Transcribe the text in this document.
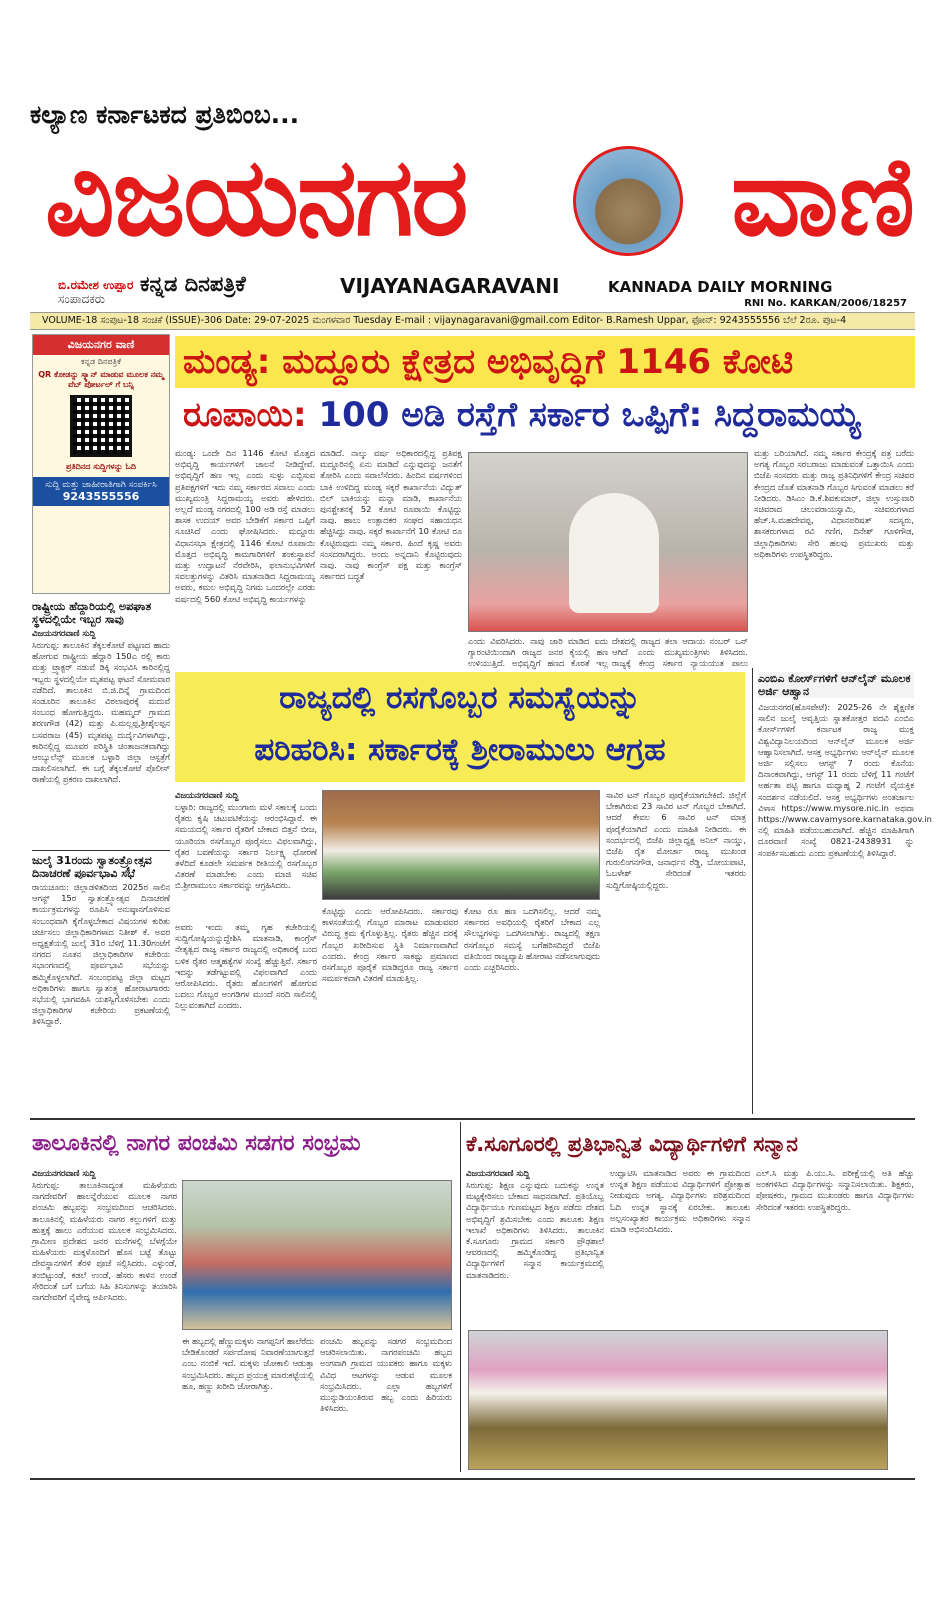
ಕಲ್ಯಾಣ ಕರ್ನಾಟಕದ ಪ್ರತಿಬಿಂಬ...
ವಿಜಯನಗರ ವಾಣಿ
ಬಿ.ರಮೇಶ ಉಪ್ಪಾರ
ಸಂಪಾದಕರು
ಕನ್ನಡ ದಿನಪತ್ರಿಕೆ	VIJAYANAGARAVANI	KANNADA DAILY MORNING
RNI No. KARKAN/2006/18257
VOLUME-18 ಸಂಪುಟ-18 ಸಂಚಿಕೆ (ISSUE)-306 Date: 29-07-2025 ಮಂಗಳವಾರ Tuesday E-mail : vijaynagaravani@gmail.com Editor- B.Ramesh Uppar, ಫೋನ್: 9243555556 ಬೆಲೆ 2ರೂ. ಪುಟ-4
ವಿಜಯನಗರ ವಾಣಿ
ಕನ್ನಡ ದಿನಪತ್ರಿಕೆ
QR ಕೋಡನ್ನು ಸ್ಕ್ಯಾನ್ ಮಾಡುವ ಮೂಲಕ ನಮ್ಮ ವೆಬ್ ಪೋರ್ಟಲ್ ಗೆ ಬನ್ನಿ
ಪ್ರತಿದಿನದ ಸುದ್ದಿಗಳನ್ನು ಓದಿ
ಸುದ್ದಿ ಮತ್ತು ಜಾಹೀರಾತಿಗಾಗಿ ಸಂಪರ್ಕಿಸಿ
9243555556
ಮಂಡ್ಯ: ಮದ್ದೂರು ಕ್ಷೇತ್ರದ ಅಭಿವೃದ್ಧಿಗೆ 1146 ಕೋಟಿ
ರೂಪಾಯಿ: 100 ಅಡಿ ರಸ್ತೆಗೆ ಸರ್ಕಾರ ಒಪ್ಪಿಗೆ: ಸಿದ್ದರಾಮಯ್ಯ
ಮಂಡ್ಯ: ಒಂದೇ ದಿನ 1146 ಕೋಟಿ ಮೊತ್ತದ ಅಭಿವೃದ್ಧಿ ಕಾರ್ಯಗಳಿಗೆ ಚಾಲನೆ ನೀಡಿದ್ದೇವೆ. ಅಭಿವೃದ್ಧಿಗೆ ಹಣ ಇಲ್ಲ ಎಂದು ಸುಳ್ಳು ಎಬ್ಬಿಸುವ ಪ್ರತಿಪಕ್ಷಗಳಿಗೆ ಇದು ನಮ್ಮ ಸರ್ಕಾರದ ಸವಾಲು ಎಂದು ಮುಖ್ಯಮಂತ್ರಿ ಸಿದ್ದರಾಮಯ್ಯ ಅವರು ಹೇಳಿದರು. ಅಲ್ಲದೆ ಮಂಡ್ಯ ನಗರದಲ್ಲಿ 100 ಅಡಿ ರಸ್ತೆ ಮಾಡಲು ಶಾಸಕ ಉದಯ್ ಅವರ ಬೇಡಿಕೆಗೆ ಸರ್ಕಾರ ಒಪ್ಪಿಗೆ ಸೂಚಿಸಿದೆ ಎಂದು ಘೋಷಿಸಿದರು. ಮದ್ದೂರು ವಿಧಾನಸಭಾ ಕ್ಷೇತ್ರದಲ್ಲಿ 1146 ಕೋಟಿ ರೂಪಾಯಿ ಮೊತ್ತದ ಅಭಿವೃದ್ಧಿ ಕಾಮಗಾರಿಗಳಿಗೆ ಶಂಕುಸ್ಥಾಪನೆ ಮತ್ತು ಉದ್ಘಾಟನೆ ನೆರವೇರಿಸಿ, ಫಲಾನುಭವಿಗಳಿಗೆ ಸವಲತ್ತುಗಳನ್ನು ವಿತರಿಸಿ ಮಾತನಾಡಿದ ಸಿದ್ದರಾಮಯ್ಯ ಅವರು, ಕಮಲ ಅಭಿವೃದ್ಧಿ ನಿಗಮ ಒಂದರಲ್ಲೇ ಎರಡು ವರ್ಷದಲ್ಲಿ 560 ಕೋಟಿ ಅಭಿವೃದ್ಧಿ ಕಾರ್ಯಗಳನ್ನು
ಮಾಡಿದೆ. ನಾಲ್ಕು ವರ್ಷ ಅಧಿಕಾರದಲ್ಲಿದ್ದ ಪ್ರತಿಪಕ್ಷ ಮದ್ದೂರಿನಲ್ಲಿ ಏನು ಮಾಡಿದೆ ಎನ್ನುವುದನ್ನು ಜನತೆಗೆ ತೋರಿಸಿ ಎಂದು ಸವಾಲೆಸೆದರು. ಹಿಂದಿನ ವರ್ಷಗಳಿಂದ ಬಾಕಿ ಉಳಿದಿದ್ದ ಮಂಡ್ಯ ಸಕ್ಕರೆ ಕಾರ್ಖಾನೆಯ ವಿದ್ಯುತ್ ಬಿಲ್ ಬಾಕಿಯನ್ನು ಮನ್ನಾ ಮಾಡಿ, ಕಾರ್ಖಾನೆಯ ಪುನಶ್ಚೇತನಕ್ಕೆ 52 ಕೋಟಿ ರೂಪಾಯಿ ಕೊಟ್ಟಿದ್ದು ನಾವು. ಹಾಲು ಉತ್ಪಾದಕರ ಸಂಘದ ಸಹಾಯಧನ ಹೆಚ್ಚಿಸಿದ್ದು ನಾವು. ಸಕ್ಕರೆ ಕಾರ್ಖಾನೆಗೆ 10 ಕೋಟಿ ರೂ ಕೊಟ್ಟಿರುವುದು ನಮ್ಮ ಸರ್ಕಾರ. ಹಿಂದೆ ಕೃಷ್ಣ ಅವರು ಸಂಸದರಾಗಿದ್ದರು. ಅಂದು ಅನ್ನದಾನಿ ಕೊಟ್ಟಿರುವುದು ನಾವು. ನಾವು ಕಾಂಗ್ರೆಸ್ ಪಕ್ಷ ಮತ್ತು ಕಾಂಗ್ರೆಸ್ ಸರ್ಕಾರದ ಬದ್ಧತೆ
ಎಂದು ವಿವರಿಸಿದರು. ನಾವು ಜಾರಿ ಮಾಡಿದ ಐದು ಗ್ಯಾರಂಟಿಯಿಂದಾಗಿ ರಾಜ್ಯದ ಜನರ ಕೈಯಲ್ಲಿ ಹಣ ಉಳಿಯುತ್ತಿದೆ. ಅಭಿವೃದ್ಧಿಗೆ ಹಣದ ಕೊರತೆ ಇಲ್ಲ
ದೇಶದಲ್ಲಿ ರಾಜ್ಯದ ತಲಾ ಆದಾಯ ನಂಬರ್ ಒನ್ ಆಗಿದೆ ಎಂದು ಮುಖ್ಯಮಂತ್ರಿಗಳು ತಿಳಿಸಿದರು. ರಾಜ್ಯಕ್ಕೆ ಕೇಂದ್ರ ಸರ್ಕಾರ ನ್ಯಾಯಯುತ ಪಾಲು
ಮತ್ತು ಬರಿಯಾಗಿದೆ. ನಮ್ಮ ಸರ್ಕಾರ ಕೇಂದ್ರಕ್ಕೆ ಪತ್ರ ಬರೆದು ಅಗತ್ಯ ಗೊಬ್ಬರ ಸರಬರಾಜು ಮಾಡುವಂತೆ ಒತ್ತಾಯಿಸಿ ಎಂದು ಬಿಜೆಪಿ ಸಂಸದರು ಮತ್ತು ರಾಜ್ಯ ಪ್ರತಿನಿಧಿಗಳಿಗೆ ಕೇಂದ್ರ ಸಚಿವರ ಕೇಂದ್ರದ ಜೊತೆ ಮಾತನಾಡಿ ಗೊಬ್ಬರ ಸಿಗುವಂತೆ ಮಾಡಲು ಕರೆ ನೀಡಿದರು. ಡಿಸಿಎಂ ಡಿ.ಕೆ.ಶಿವಕುಮಾರ್, ಜಿಲ್ಲಾ ಉಸ್ತುವಾರಿ ಸಚಿವರಾದ ಚಲುವರಾಯಸ್ವಾಮಿ, ಸಚಿವರುಗಳಾದ ಹೆಚ್.ಸಿ.ಮಹದೇವಪ್ಪ, ವಿಧಾನಪರಿಷತ್ ಸದಸ್ಯರು, ಶಾಸಕರುಗಳಾದ ರವಿ ಗಣಿಗ, ದಿನೇಶ್ ಗೂಳಿಗೌಡ, ಜಿಲ್ಲಾಧಿಕಾರಿಗಳು ಸೇರಿ ಹಲವು ಪ್ರಮುಖರು ಮತ್ತು ಅಧಿಕಾರಿಗಳು ಉಪಸ್ಥಿತರಿದ್ದರು.
ರಾಷ್ಟ್ರೀಯ ಹೆದ್ದಾರಿಯಲ್ಲಿ ಅಪಘಾತ ಸ್ಥಳದಲ್ಲಿಯೇ ಇಬ್ಬರ ಸಾವು
ವಿಜಯನಗರವಾಣಿ ಸುದ್ದಿ
ಸಿರುಗುಪ್ಪ: ತಾಲೂಕಿನ ತೆಕ್ಕಲಕೋಟೆ ಪಟ್ಟಣದ ಹಾದು ಹೋಗುವ ರಾಷ್ಟ್ರೀಯ ಹೆದ್ದಾರಿ 150ಎ ರಲ್ಲಿ ಕಾರು ಮತ್ತು ಟ್ರ್ಯಾಕ್ಟರ್ ನಡುವೆ ಡಿಕ್ಕಿ ಸಂಭವಿಸಿ ಕಾರಿನಲ್ಲಿದ್ದ ಇಬ್ಬರು ಸ್ಥಳದಲ್ಲಿಯೇ ಮೃತಪಟ್ಟ ಘಟನೆ ಸೋಮವಾರ ನಡೆದಿದೆ. ತಾಲೂಕಿನ ಬಿ.ಜಿ.ದಿನ್ನೆ ಗ್ರಾಮದಿಂದ ಸಂಡೂರಿನ ತಾಲೂಕಿನ ವಿಠಲಾಪುರಕ್ಕೆ ಮದುವೆ ಸಂಬಂಧ ಹೋಗುತ್ತಿದ್ದರು. ಮಹಮ್ಮದ್ ಗ್ರಾಮದ ಶರಣಗೌಡ (42) ಮತ್ತು ಪಿ.ಮಲ್ಲಪ್ಪ,ಶ್ರೀಶೈಲಪ್ಪನ ಬಸವರಾಜ (45) ಮೃತಪಟ್ಟ ದುರ್ದೈವಿಗಳಾಗಿದ್ದು, ಕಾರಿನಲ್ಲಿದ್ದ ಮೂವರ ಪರಿಸ್ಥಿತಿ ಚಿಂತಾಜನಕವಾಗಿದ್ದು ಆಂಬ್ಯುಲೆನ್ಸ್ ಮೂಲಕ ಬಳ್ಳಾರಿ ಜಿಲ್ಲಾ ಆಸ್ಪತ್ರೆಗೆ ದಾಖಲಿಸಲಾಗಿದೆ. ಈ ಬಗ್ಗೆ ತೆಕ್ಕಲಕೋಟೆ ಪೊಲೀಸ್ ಠಾಣೆಯಲ್ಲಿ ಪ್ರಕರಣ ದಾಖಲಾಗಿದೆ.
ಜುಲೈ 31ರಂದು ಸ್ವಾತಂತ್ರ್ಯೋತ್ಸವ ದಿನಾಚರಣೆ ಪೂರ್ವಭಾವಿ ಸಭೆ
ರಾಯಚೂರು: ಜಿಲ್ಲಾಡಳಿತದಿಂದ 2025ರ ಸಾಲಿನ ಆಗಸ್ಟ್ 15ರ ಸ್ವಾತಂತ್ರ್ಯೋತ್ಸವ ದಿನಾಚರಣೆ ಕಾರ್ಯಕ್ರಮಗಳನ್ನು ರೂಪಿಸಿ ಅನುಷ್ಠಾನಗೊಳಿಸುವ ಸಂಬಂಧವಾಗಿ ಕೈಗೊಳ್ಳಬೇಕಾದ ವಿಷಯಗಳ ಕುರಿತು ಚರ್ಚಿಸಲು ಜಿಲ್ಲಾಧಿಕಾರಿಗಳಾದ ನಿತೀಶ್ ಕೆ. ಅವರ ಅಧ್ಯಕ್ಷತೆಯಲ್ಲಿ ಜುಲೈ 31ರ ಬೆಳಿಗ್ಗೆ 11.30ಗಂಟೆಗೆ ನಗರದ ನೂತನ ಜಿಲ್ಲಾಧಿಕಾರಿಗಳ ಕಚೇರಿಯ ಸಭಾಂಗಣದಲ್ಲಿ ಪೂರ್ವಭಾವಿ ಸಭೆಯನ್ನು ಹಮ್ಮಿಕೊಳ್ಳಲಾಗಿದೆ. ಸಂಬಂಧಪಟ್ಟ ಜಿಲ್ಲಾ ಮಟ್ಟದ ಅಧಿಕಾರಿಗಳು ಹಾಗೂ ಸ್ವಾತಂತ್ರ್ಯ ಹೋರಾಟಗಾರರು ಸಭೆಯಲ್ಲಿ ಭಾಗವಹಿಸಿ ಯಶಸ್ವಿಗೊಳಿಸಬೇಕು ಎಂದು ಜಿಲ್ಲಾಧಿಕಾರಿಗಳ ಕಚೇರಿಯ ಪ್ರಕಟಣೆಯಲ್ಲಿ ತಿಳಿಸಿದ್ದಾರೆ.
ರಾಜ್ಯದಲ್ಲಿ ರಸಗೊಬ್ಬರ ಸಮಸ್ಯೆಯನ್ನು
ಪರಿಹರಿಸಿ: ಸರ್ಕಾರಕ್ಕೆ ಶ್ರೀರಾಮುಲು ಆಗ್ರಹ
ವಿಜಯನಗರವಾಣಿ ಸುದ್ದಿ
ಬಳ್ಳಾರಿ: ರಾಜ್ಯದಲ್ಲಿ ಮುಂಗಾರು ಮಳೆ ಸಕಾಲಕ್ಕೆ ಬಂದು ರೈತರು ಕೃಷಿ ಚಟುವಟಿಕೆಯನ್ನು ಆರಂಭಿಸಿದ್ದಾರೆ. ಈ ಸಮಯದಲ್ಲಿ ಸರ್ಕಾರ ರೈತರಿಗೆ ಬೇಕಾದ ಬಿತ್ತನೆ ಬೀಜ, ಯೂರಿಯಾ ರಸಗೊಬ್ಬರ ಪೂರೈಸಲು ವಿಫಲವಾಗಿದ್ದು, ರೈತರ ಬವಣೆಯನ್ನು ಸರ್ಕಾರ ನಿರ್ಲಕ್ಷ್ಯ ಧೋರಣೆ ತಳೆದಿದೆ ಕೂಡಲೇ ಸಮರ್ಪಕ ರೀತಿಯಲ್ಲಿ ರಸಗೊಬ್ಬರ ವಿತರಣೆ ಮಾಡಬೇಕು ಎಂದು ಮಾಜಿ ಸಚಿವ ಬಿ.ಶ್ರೀರಾಮುಲು ಸರ್ಕಾರವನ್ನು ಆಗ್ರಹಿಸಿದರು.
ಅವರು ಇಂದು ತಮ್ಮ ಗೃಹ ಕಚೇರಿಯಲ್ಲಿ ಸುದ್ದಿಗೋಷ್ಠಿಯನ್ನುದ್ದೇಶಿಸಿ ಮಾತನಾಡಿ, ಕಾಂಗ್ರೆಸ್ ನೇತೃತ್ವದ ರಾಜ್ಯ ಸರ್ಕಾರ ರಾಜ್ಯದಲ್ಲಿ ಅಧಿಕಾರಕ್ಕೆ ಬಂದ ಬಳಿಕ ರೈತರ ಆತ್ಮಹತ್ಯೆಗಳ ಸಂಖ್ಯೆ ಹೆಚ್ಚುತ್ತಿವೆ. ಸರ್ಕಾರ ಇದನ್ನು ತಡೆಗಟ್ಟುವಲ್ಲಿ ವಿಫಲವಾಗಿದೆ ಎಂದು ಆರೋಪಿಸಿದರು. ರೈತರು ಹೊಲಗಳಿಗೆ ಹೋಗುವ ಬದಲು ಗೊಬ್ಬರ ಅಂಗಡಿಗಳ ಮುಂದೆ ಸರದಿ ಸಾಲಿನಲ್ಲಿ ನಿಲ್ಲುವಂತಾಗಿದೆ ಎಂದರು.
ಕೊಟ್ಟಿದ್ದು ಎಂದು ಆರೋಪಿಸಿದರು. ಸರ್ಕಾರವು ಕಾಳಸಂತೆಯಲ್ಲಿ ಗೊಬ್ಬರ ಮಾರಾಟ ಮಾಡುವವರ ವಿರುದ್ಧ ಕ್ರಮ ಕೈಗೊಳ್ಳುತ್ತಿಲ್ಲ. ರೈತರು ಹೆಚ್ಚಿನ ದರಕ್ಕೆ ಗೊಬ್ಬರ ಖರೀದಿಸುವ ಸ್ಥಿತಿ ನಿರ್ಮಾಣವಾಗಿದೆ ಎಂದರು. ಕೇಂದ್ರ ಸರ್ಕಾರ ಸಾಕಷ್ಟು ಪ್ರಮಾಣದ ರಸಗೊಬ್ಬರ ಪೂರೈಕೆ ಮಾಡಿದ್ದರೂ ರಾಜ್ಯ ಸರ್ಕಾರ ಸಮರ್ಪಕವಾಗಿ ವಿತರಣೆ ಮಾಡುತ್ತಿಲ್ಲ.
ಕೋಟ ರೂ ಹಣ ಒದಗಿಸಲಿಲ್ಲ. ಆದರೆ ನಮ್ಮ ಸರ್ಕಾರದ ಅವಧಿಯಲ್ಲಿ ರೈತರಿಗೆ ಬೇಕಾದ ಎಲ್ಲ ಸೌಲಭ್ಯಗಳನ್ನು ಒದಗಿಸಲಾಗಿತ್ತು. ರಾಜ್ಯದಲ್ಲಿ ತಕ್ಷಣ ರಸಗೊಬ್ಬರ ಸಮಸ್ಯೆ ಬಗೆಹರಿಸದಿದ್ದರೆ ಬಿಜೆಪಿ ವತಿಯಿಂದ ರಾಜ್ಯವ್ಯಾಪಿ ಹೋರಾಟ ನಡೆಸಲಾಗುವುದು ಎಂದು ಎಚ್ಚರಿಸಿದರು.
ಸಾವಿರ ಟನ್ ಗೊಬ್ಬರ ಪೂರೈಕೆಯಾಗಬೇಕಿದೆ. ಜಿಲ್ಲೆಗೆ ಬೇಕಾಗಿರುವ 23 ಸಾವಿರ ಟನ್ ಗೊಬ್ಬರ ಬೇಕಾಗಿದೆ. ಆದರೆ ಕೇವಲ 6 ಸಾವಿರ ಟನ್ ಮಾತ್ರ ಪೂರೈಕೆಯಾಗಿದೆ ಎಂದು ಮಾಹಿತಿ ನೀಡಿದರು. ಈ ಸಂದರ್ಭದಲ್ಲಿ ಬಿಜೆಪಿ ಜಿಲ್ಲಾಧ್ಯಕ್ಷ ಅನಿಲ್ ನಾಯ್ಡು, ಬಿಜೆಪಿ ರೈತ ಮೋರ್ಚಾ ರಾಜ್ಯ ಮುಖಂಡ ಗುರುಲಿಂಗನಗೌಡ, ಜನಾರ್ಧನ ರೆಡ್ಡಿ, ಬೋಯಪಾಟಿ, ಓಬಳೇಶ್ ಸೇರಿದಂತೆ ಇತರರು ಸುದ್ದಿಗೋಷ್ಠಿಯಲ್ಲಿದ್ದರು.
ಎಂಬಿಎ ಕೋರ್ಸ್‌ಗಳಿಗೆ ಆನ್‌ಲೈನ್ ಮೂಲಕ ಅರ್ಜಿ ಆಹ್ವಾನ
ವಿಜಯನಗರ(ಹೊಸಪೇಟೆ): 2025-26 ನೇ ಶೈಕ್ಷಣಿಕ ಸಾಲಿನ ಜುಲೈ ಆವೃತ್ತಿಯ ಸ್ನಾತಕೋತ್ತರ ಪದವಿ ಎಂಬಿಎ ಕೋರ್ಸ್‌ಗಳಿಗೆ ಕರ್ನಾಟಕ ರಾಜ್ಯ ಮುಕ್ತ ವಿಶ್ವವಿದ್ಯಾನಿಲಯದಿಂದ ಆನ್‌ಲೈನ್ ಮೂಲಕ ಅರ್ಜಿ ಆಹ್ವಾನಿಸಲಾಗಿದೆ. ಆಸಕ್ತ ಅಭ್ಯರ್ಥಿಗಳು ಆನ್‌ಲೈನ್ ಮೂಲಕ ಅರ್ಜಿ ಸಲ್ಲಿಸಲು ಆಗಸ್ಟ್ 7 ರಂದು ಕೊನೆಯ ದಿನಾಂಕವಾಗಿದ್ದು, ಆಗಸ್ಟ್ 11 ರಂದು ಬೆಳಿಗ್ಗೆ 11 ಗಂಟೆಗೆ ಅರ್ಹತಾ ಪಟ್ಟಿ ಹಾಗೂ ಮಧ್ಯಾಹ್ನ 2 ಗಂಟೆಗೆ ವೈಯಕ್ತಿಕ ಸಂದರ್ಶನ ನಡೆಯಲಿದೆ. ಆಸಕ್ತ ಅಭ್ಯರ್ಥಿಗಳು ಅಂತರ್ಜಾಲ ವಿಳಾಸ https://www.mysore.nic.in ಅಥವಾ https://www.cavamysore.karnataka.gov.in ನಲ್ಲಿ ಮಾಹಿತಿ ಪಡೆಯಬಹುದಾಗಿದೆ. ಹೆಚ್ಚಿನ ಮಾಹಿತಿಗಾಗಿ ದೂರವಾಣಿ ಸಂಖ್ಯೆ 0821-2438931 ನ್ನು ಸಂಪರ್ಕಿಸಬಹುದು ಎಂದು ಪ್ರಕಟಣೆಯಲ್ಲಿ ತಿಳಿಸಿದ್ದಾರೆ.
ತಾಲೂಕಿನಲ್ಲಿ ನಾಗರ ಪಂಚಮಿ ಸಡಗರ ಸಂಭ್ರಮ
ವಿಜಯನಗರವಾಣಿ ಸುದ್ದಿ
ಸಿರುಗುಪ್ಪ: ತಾಲೂಕಿನಾದ್ಯಂತ ಮಹಿಳೆಯರು ನಾಗದೇವರಿಗೆ ಹಾಲನ್ನೆರೆಯುವ ಮೂಲಕ ನಾಗರ ಪಂಚಮಿ ಹಬ್ಬವನ್ನು ಸಂಭ್ರಮದಿಂದ ಆಚರಿಸಿದರು. ತಾಲೂಕಿನಲ್ಲಿ ಮಹಿಳೆಯರು ನಾಗರ ಕಲ್ಲುಗಳಿಗೆ ಮತ್ತು ಹುತ್ತಕ್ಕೆ ಹಾಲು ಎರೆಯುವ ಮೂಲಕ ಸಂಭ್ರಮಿಸಿದರು. ಗ್ರಾಮೀಣ ಪ್ರದೇಶದ ಜನರ ಮನೆಗಳಲ್ಲಿ ಬೆಳಗ್ಗೆಯೇ ಮಹಿಳೆಯರು ಮಕ್ಕಳೊಂದಿಗೆ ಹೊಸ ಬಟ್ಟೆ ತೊಟ್ಟು ದೇವಸ್ಥಾನಗಳಿಗೆ ತೆರಳಿ ಪೂಜೆ ಸಲ್ಲಿಸಿದರು. ಎಳ್ಳುಂಡೆ, ತಂಬಿಟ್ಟುಂಡೆ, ಕಡಲೆ ಉಂಡೆ, ಹೆಸರು ಕಾಳಿನ ಉಂಡೆ ಸೇರಿದಂತೆ ಬಗೆ ಬಗೆಯ ಸಿಹಿ ತಿನಿಸುಗಳನ್ನು ತಯಾರಿಸಿ ನಾಗದೇವರಿಗೆ ನೈವೇದ್ಯ ಅರ್ಪಿಸಿದರು.
ಈ ಹಬ್ಬದಲ್ಲಿ ಹೆಣ್ಣುಮಕ್ಕಳು ನಾಗಪ್ಪನಿಗೆ ಹಾಲೆರೆದು ಬೇಡಿಕೊಂಡರೆ ಸರ್ಪದೋಷ ನಿವಾರಣೆಯಾಗುತ್ತದೆ ಎಂಬ ನಂಬಿಕೆ ಇದೆ. ಮಕ್ಕಳು ಜೋಕಾಲಿ ಆಡುತ್ತಾ ಸಂಭ್ರಮಿಸಿದರು. ಹಬ್ಬದ ಪ್ರಯುಕ್ತ ಮಾರುಕಟ್ಟೆಯಲ್ಲಿ ಹೂ, ಹಣ್ಣು ಖರೀದಿ ಜೋರಾಗಿತ್ತು.
ಪಂಚಮಿ ಹಬ್ಬವನ್ನು ಸಡಗರ ಸಂಭ್ರಮದಿಂದ ಆಚರಿಸಲಾಯಿತು. ನಾಗರಪಂಚಮಿ ಹಬ್ಬದ ಅಂಗವಾಗಿ ಗ್ರಾಮದ ಯುವಕರು ಹಾಗೂ ಮಕ್ಕಳು ವಿವಿಧ ಆಟಗಳನ್ನು ಆಡುವ ಮೂಲಕ ಸಂಭ್ರಮಿಸಿದರು. ಎಲ್ಲಾ ಹಬ್ಬಗಳಿಗೆ ಮುನ್ನುಡಿಯಂತಿರುವ ಹಬ್ಬ ಎಂದು ಹಿರಿಯರು ತಿಳಿಸಿದರು.
ಕೆ.ಸೂಗೂರಲ್ಲಿ ಪ್ರತಿಭಾನ್ವಿತ ವಿದ್ಯಾರ್ಥಿಗಳಿಗೆ ಸನ್ಮಾನ
ವಿಜಯನಗರವಾಣಿ ಸುದ್ದಿ
ಸಿರುಗುಪ್ಪ: ಶಿಕ್ಷಣ ಎನ್ನುವುದು ಬದುಕನ್ನು ಉನ್ನತ ಮಟ್ಟಕ್ಕೇರಿಸಲು ಬೇಕಾದ ಸಾಧನವಾಗಿದೆ. ಪ್ರತಿಯೊಬ್ಬ ವಿದ್ಯಾರ್ಥಿಯೂ ಗುಣಮಟ್ಟದ ಶಿಕ್ಷಣ ಪಡೆದು ದೇಶದ ಅಭಿವೃದ್ಧಿಗೆ ಶ್ರಮಿಸಬೇಕು ಎಂದು ತಾಲೂಕು ಶಿಕ್ಷಣ ಇಲಾಖೆ ಅಧಿಕಾರಿಗಳು ತಿಳಿಸಿದರು. ತಾಲೂಕಿನ ಕೆ.ಸೂಗೂರು ಗ್ರಾಮದ ಸರ್ಕಾರಿ ಪ್ರೌಢಶಾಲೆ ಆವರಣದಲ್ಲಿ ಹಮ್ಮಿಕೊಂಡಿದ್ದ ಪ್ರತಿಭಾನ್ವಿತ ವಿದ್ಯಾರ್ಥಿಗಳಿಗೆ ಸನ್ಮಾನ ಕಾರ್ಯಕ್ರಮದಲ್ಲಿ ಮಾತನಾಡಿದರು.
ಉದ್ಘಾಟಿಸಿ ಮಾತನಾಡಿದ ಅವರು ಈ ಗ್ರಾಮದಿಂದ ಉನ್ನತ ಶಿಕ್ಷಣ ಪಡೆಯುವ ವಿದ್ಯಾರ್ಥಿಗಳಿಗೆ ಪ್ರೋತ್ಸಾಹ ನೀಡುವುದು ಅಗತ್ಯ. ವಿದ್ಯಾರ್ಥಿಗಳು ಪರಿಶ್ರಮದಿಂದ ಓದಿ ಉನ್ನತ ಸ್ಥಾನಕ್ಕೆ ಏರಬೇಕು. ತಾಲೂಕು ಅಲ್ಪಸಂಖ್ಯಾತರ ಕಾರ್ಯಕ್ರಮ ಅಧಿಕಾರಿಗಳು ಸನ್ಮಾನ ಮಾಡಿ ಅಭಿನಂದಿಸಿದರು.
ಎಲ್.ಸಿ ಮತ್ತು ಪಿ.ಯು.ಸಿ. ಪರೀಕ್ಷೆಯಲ್ಲಿ ಅತಿ ಹೆಚ್ಚು ಅಂಕಗಳಿಸಿದ ವಿದ್ಯಾರ್ಥಿಗಳನ್ನು ಸನ್ಮಾನಿಸಲಾಯಿತು. ಶಿಕ್ಷಕರು, ಪೋಷಕರು, ಗ್ರಾಮದ ಮುಖಂಡರು ಹಾಗೂ ವಿದ್ಯಾರ್ಥಿಗಳು ಸೇರಿದಂತೆ ಇತರರು ಉಪಸ್ಥಿತರಿದ್ದರು.
